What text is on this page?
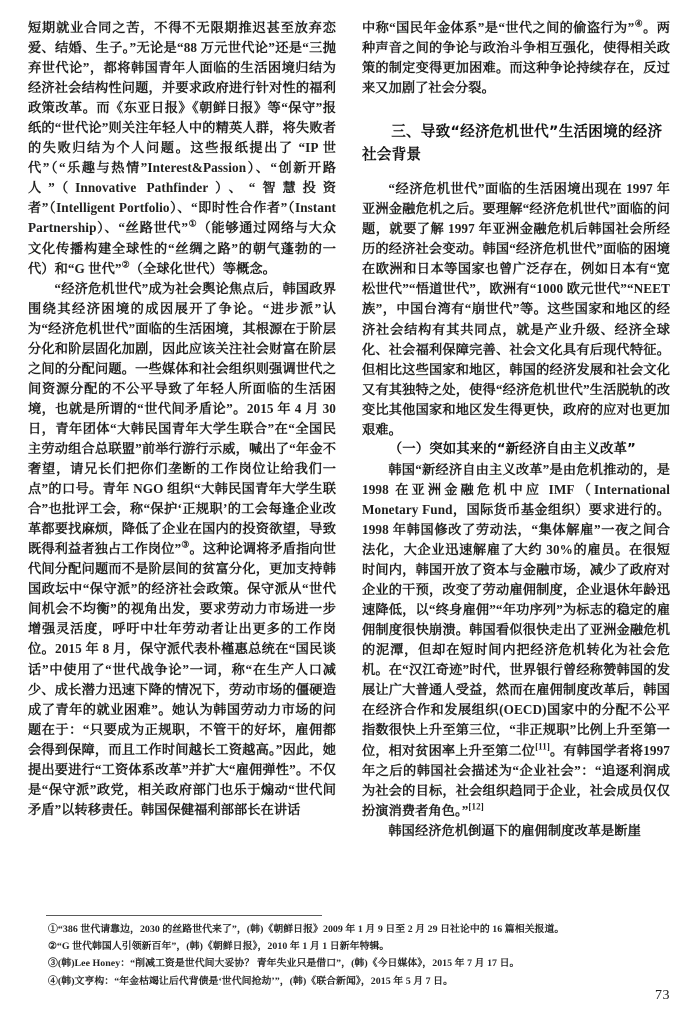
短期就业合同之苦，不得不无限期推迟甚至放弃恋爱、结婚、生子。”无论是“88 万元世代论”还是“三抛弃世代论”，都将韩国青年人面临的生活困境归结为经济社会结构性问题，并要求政府进行针对性的福利政策改革。而《东亚日报》《朝鲜日报》等“保守”报纸的“世代论”则关注年轻人中的精英人群，将失败者的失败归结为个人问题。这些报纸提出了 “IP 世代”（“乐趣与热情”Interest&Passion）、“创新开路人”（Innovative Pathfinder）、“智慧投资者”（Intelligent Portfolio）、“即时性合作者”（Instant Partnership）、“丝路世代”①（能够通过网络与大众文化传播构建全球性的“丝绸之路”的朝气蓬勃的一代）和“G 世代”②（全球化世代）等概念。

“经济危机世代”成为社会舆论焦点后，韩国政界围绕其经济困境的成因展开了争论。“进步派”认为“经济危机世代”面临的生活困境，其根源在于阶层分化和阶层固化加剧，因此应该关注社会财富在阶层之间的分配问题。一些媒体和社会组织则强调世代之间资源分配的不公平导致了年轻人所面临的生活困境，也就是所谓的“世代间矛盾论”。2015 年 4 月 30 日，青年团体“大韩民国青年大学生联合”在“全国民主劳动组合总联盟”前举行游行示威，喊出了“年金不奢望，请兄长们把你们垄断的工作岗位让给我们一点”的口号。青年 NGO 组织“大韩民国青年大学生联合”也批评工会，称“保护‘正规职’的工会每逢企业改革都要找麻烦，降低了企业在国内的投资欲望，导致既得利益者独占工作岗位”③。这种论调将矛盾指向世代间分配问题而不是阶层间的贫富分化，更加支持韩国政坛中“保守派”的经济社会政策。保守派从“世代间机会不均衡”的视角出发，要求劳动力市场进一步增强灵活度，呼吁中壮年劳动者让出更多的工作岗位。2015 年 8 月，保守派代表朴槿惠总统在“国民谈话”中使用了“世代战争论”一词，称“在生产人口减少、成长潜力迅速下降的情况下，劳动市场的僵硬造成了青年的就业困难”。她认为韩国劳动力市场的问题在于：“只要成为正规职，不管干的好坏，雇佣都会得到保障，而且工作时间越长工资越高。”因此，她提出要进行“工资体系改革”并扩大“雇佣弹性”。不仅是“保守派”政党，相关政府部门也乐于煽动“世代间矛盾”以转移责任。韩国保健福利部部长在讲话

中称“国民年金体系”是“世代之间的偷盗行为”④。两种声音之间的争论与政治斗争相互强化，使得相关政策的制定变得更加困难。而这种争论持续存在，反过来又加剧了社会分裂。

三、导致“经济危机世代”生活困境的经济社会背景

“经济危机世代”面临的生活困境出现在 1997 年亚洲金融危机之后。要理解“经济危机世代”面临的问题，就要了解 1997 年亚洲金融危机后韩国社会所经历的经济社会变动。韩国“经济危机世代”面临的困境在欧洲和日本等国家也曾广泛存在，例如日本有“宽松世代”“悟道世代”，欧洲有“1000 欧元世代”“NEET 族”，中国台湾有“崩世代”等。这些国家和地区的经济社会结构有其共同点，就是产业升级、经济全球化、社会福利保障完善、社会文化具有后现代特征。但相比这些国家和地区，韩国的经济发展和社会文化又有其独特之处，使得“经济危机世代”生活脱轨的改变比其他国家和地区发生得更快，政府的应对也更加艰难。

（一）突如其来的“新经济自由主义改革”

韩国“新经济自由主义改革”是由危机推动的，是 1998 在亚洲金融危机中应 IMF（International Monetary Fund，国际货币基金组织）要求进行的。1998 年韩国修改了劳动法，“集体解雇”一夜之间合法化，大企业迅速解雇了大约 30%的雇员。在很短时间内，韩国开放了资本与金融市场，减少了政府对企业的干预，改变了劳动雇佣制度，企业退休年龄迅速降低，以“终身雇佣”“年功序列”为标志的稳定的雇佣制度很快崩溃。韩国看似很快走出了亚洲金融危机的泥潭，但却在短时间内把经济危机转化为社会危机。在“汉江奇迹”时代，世界银行曾经称赞韩国的发展让广大普通人受益，然而在雇佣制度改革后，韩国在经济合作和发展组织(OECD)国家中的分配不公平指数很快上升至第三位，“非正规职”比例上升至第一位，相对贫困率上升至第二位[11]。有韩国学者将1997 年之后的韩国社会描述为“企业社会”：“追逐利润成为社会的目标，社会组织趋同于企业，社会成员仅仅扮演消费者角色。”[12]

韩国经济危机倒逼下的雇佣制度改革是断崖

①“386 世代请靠边，2030 的丝路世代来了”，(韩)《朝鲜日报》2009 年 1 月 9 日至 2 月 29 日社论中的 16 篇相关报道。
②“G 世代韩国人引领新百年”，(韩)《朝鲜日报》，2010 年 1 月 1 日新年特辑。
③(韩)Lee Honey：“削减工资是世代间大妥协？ 青年失业只是借口”，(韩)《今日媒体》，2015 年 7 月 17 日。
④(韩)文亨构：“年金枯竭让后代背债是‘世代间抢劫’”，(韩)《联合新闻》，2015 年 5 月 7 日。
73
